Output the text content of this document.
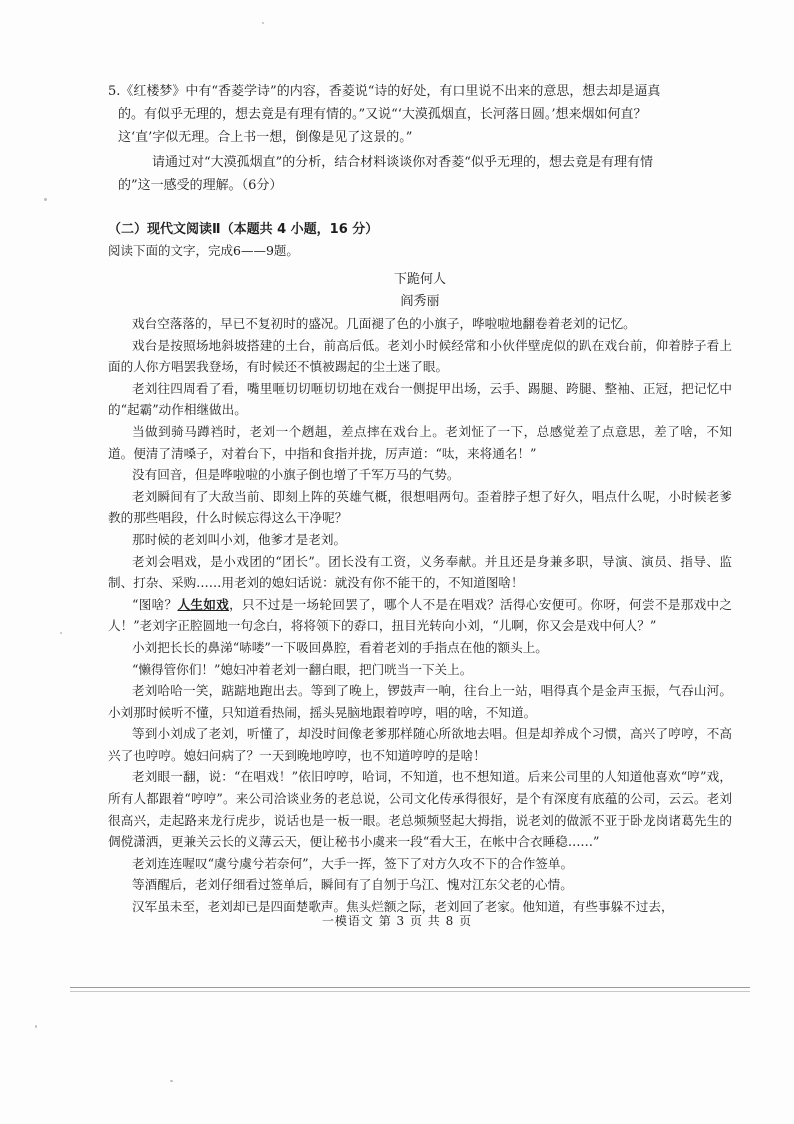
5.《红楼梦》中有“香菱学诗”的内容，香菱说“诗的好处，有口里说不出来的意思，想去却是逼真

的。有似乎无理的，想去竟是有理有情的。”又说“‘大漠孤烟直，长河落日圆。’想来烟如何直？

这‘直’字似无理。合上书一想，倒像是见了这景的。”

请通过对“大漠孤烟直”的分析，结合材料谈谈你对香菱“似乎无理的，想去竟是有理有情

的”这一感受的理解。（6分）

（二）现代文阅读Ⅱ（本题共 4 小题，16 分）
阅读下面的文字，完成6——9题。
下跪何人
阎秀丽

戏台空落落的，早已不复初时的盛况。几面褪了色的小旗子，哗啦啦地翻卷着老刘的记忆。

戏台是按照场地斜坡搭建的土台，前高后低。老刘小时候经常和小伙伴壁虎似的趴在戏台前，仰着脖子看上面的人你方唱罢我登场，有时候还不慎被踢起的尘土迷了眼。

老刘往四周看了看，嘴里咂切切咂切切地在戏台一侧捉甲出场，云手、踢腿、跨腿、整袖、正冠，把记忆中的“起霸”动作相继做出。

当做到骑马蹲裆时，老刘一个趔趄，差点摔在戏台上。老刘怔了一下，总感觉差了点意思，差了啥，不知道。便清了清嗓子，对着台下，中指和食指并拢，厉声道：“呔，来将通名！”

没有回音，但是哗啦啦的小旗子倒也增了千军万马的气势。

老刘瞬间有了大敌当前、即刻上阵的英雄气概，很想唱两句。歪着脖子想了好久，唱点什么呢，小时候老爹教的那些唱段，什么时候忘得这么干净呢？

那时候的老刘叫小刘，他爹才是老刘。

老刘会唱戏，是小戏团的“团长”。团长没有工资，义务奉献。并且还是身兼多职，导演、演员、指导、监制、打杂、采购……用老刘的媳妇话说：就没有你不能干的，不知道图啥！

“图啥？人生如戏，只不过是一场轮回罢了，哪个人不是在唱戏？活得心安便可。你呀，何尝不是那戏中之人！”老刘字正腔圆地一句念白，将将领下的孬口，扭目光转向小刘，“儿啊，你又会是戏中何人？”

小刘把长长的鼻涕“哧喽”一下吸回鼻腔，看着老刘的手指点在他的额头上。

“懒得管你们！”媳妇冲着老刘一翻白眼，把门咣当一下关上。

老刘哈哈一笑，踮踮地跑出去。等到了晚上，锣鼓声一响，往台上一站，唱得真个是金声玉振，气吞山河。小刘那时候听不懂，只知道看热闹，摇头晃脑地跟着哼哼，唱的啥，不知道。

等到小刘成了老刘，听懂了，却没时间像老爹那样随心所欲地去唱。但是却养成个习惯，高兴了哼哼，不高兴了也哼哼。媳妇问病了？一天到晚地哼哼，也不知道哼哼的是啥！

老刘眼一翻，说：“在唱戏！”依旧哼哼，哈词，不知道，也不想知道。后来公司里的人知道他喜欢“哼”戏，所有人都跟着“哼哼”。来公司洽谈业务的老总说，公司文化传承得很好，是个有深度有底蕴的公司，云云。老刘很高兴，走起路来龙行虎步，说话也是一板一眼。老总频频竖起大拇指，说老刘的做派不亚于卧龙岗诸葛先生的倜傥潇洒，更兼关云长的义薄云天，便让秘书小虞来一段“看大王，在帐中合衣睡稳……”

老刘连连喔叹“虞兮虞兮若奈何”，大手一挥，签下了对方久攻不下的合作签单。

等酒醒后，老刘仔细看过签单后，瞬间有了自刎于乌江、愧对江东父老的心情。

汉军虽未至，老刘却已是四面楚歌声。焦头烂额之际，老刘回了老家。他知道，有些事躲不过去，

一模语文 第 3 页 共 8 页
